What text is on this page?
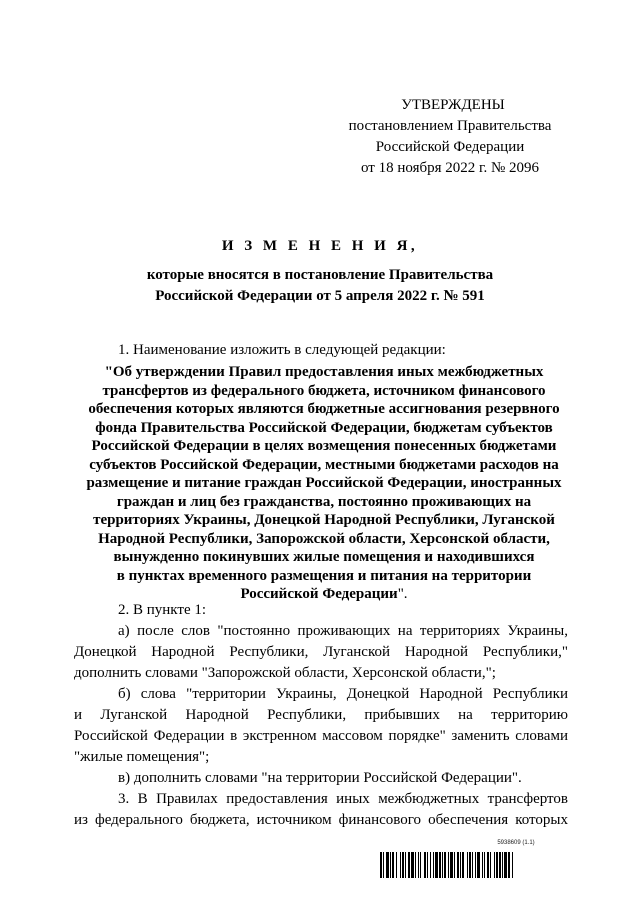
УТВЕРЖДЕНЫ
постановлением Правительства
Российской Федерации
от 18 ноября 2022 г. № 2096
И З М Е Н Е Н И Я,
которые вносятся в постановление Правительства
Российской Федерации от 5 апреля 2022 г. № 591
1. Наименование изложить в следующей редакции:
"Об утверждении Правил предоставления иных межбюджетных
трансфертов из федерального бюджета, источником финансового
обеспечения которых являются бюджетные ассигнования резервного
фонда Правительства Российской Федерации, бюджетам субъектов
Российской Федерации в целях возмещения понесенных бюджетами
субъектов Российской Федерации, местными бюджетами расходов на
размещение и питание граждан Российской Федерации, иностранных
граждан и лиц без гражданства, постоянно проживающих на
территориях Украины, Донецкой Народной Республики, Луганской
Народной Республики, Запорожской области, Херсонской области,
вынужденно покинувших жилые помещения и находившихся
в пунктах временного размещения и питания на территории
Российской Федерации".
2. В пункте 1:
а) после слов "постоянно проживающих на территориях Украины,
Донецкой Народной Республики, Луганской Народной Республики,"
дополнить словами "Запорожской области, Херсонской области,";
б) слова "территории Украины, Донецкой Народной Республики
и Луганской Народной Республики, прибывших на территорию
Российской Федерации в экстренном массовом порядке" заменить словами
"жилые помещения";
в) дополнить словами "на территории Российской Федерации".
3. В Правилах предоставления иных межбюджетных трансфертов
из федерального бюджета, источником финансового обеспечения которых
5938609 (1.1)
